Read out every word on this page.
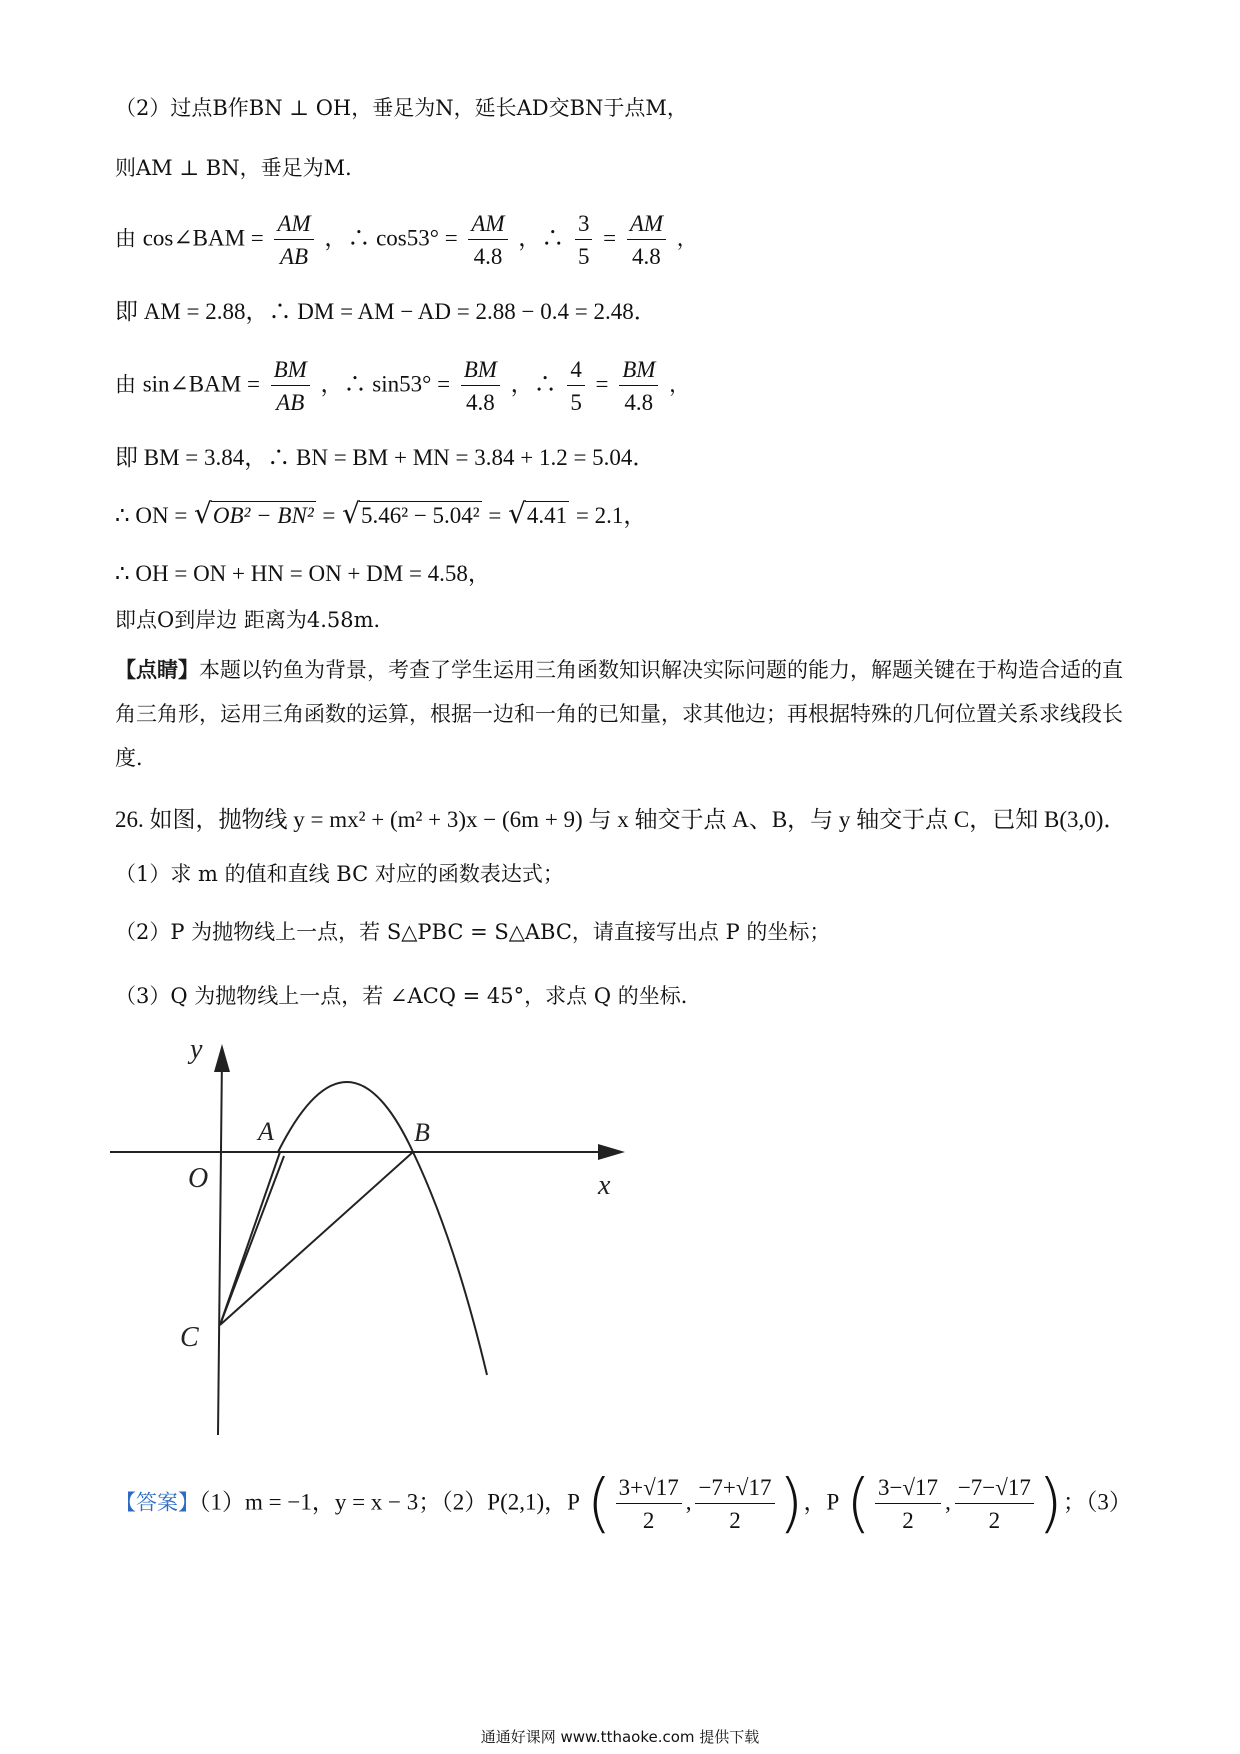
（2）过点B作BN ⊥ OH，垂足为N，延长AD交BN于点M，
则AM ⊥ BN，垂足为M．
由 cos∠BAM = $\frac{AM}{AB}$ ，∴ $\cos 53^\circ = \frac{AM}{4.8}$ ，∴ $\frac{3}{5} = \frac{AM}{4.8}$ ，
即 AM = 2.88，∴ DM = AM − AD = 2.88 − 0.4 = 2.48．
由 sin∠BAM = $\frac{BM}{AB}$ ，∴ $\sin 53^\circ = \frac{BM}{4.8}$ ，∴ $\frac{4}{5} = \frac{BM}{4.8}$ ，
即 BM = 3.84，∴ BN = BM + MN = 3.84 + 1.2 = 5.04．
∴ ON = √OB² − BN² = √5.46² − 5.04² = √4.41 = 2.1，
∴ OH = ON + HN = ON + DM = 4.58，
即点O到岸边 距离为4.58m．
【点睛】本题以钓鱼为背景，考查了学生运用三角函数知识解决实际问题的能力，解题关键在于构造合适的直角三角形，运用三角函数的运算，根据一边和一角的已知量，求其他边；再根据特殊的几何位置关系求线段长度．
26. 如图，抛物线 y = mx² + (m² + 3)x − (6m + 9) 与 x 轴交于点 A、B，与 y 轴交于点 C，已知 B(3,0)．
（1）求 m 的值和直线 BC 对应的函数表达式；
（2）P 为抛物线上一点，若 S△PBC = S△ABC，请直接写出点 P 的坐标；
（3）Q 为抛物线上一点，若 ∠ACQ = 45°，求点 Q 的坐标．
y
x
O
A	B
C
【答案】（1）m = −1，y = x − 3；（2）P(2,1)，P ( $\frac{3+√17}{2}$ , $\frac{-7+√17}{2}$ )，P ( $\frac{3-√17}{2}$ , $\frac{-7-√17}{2}$ )；（3）
通通好课网 www.tthaoke.com 提供下载
